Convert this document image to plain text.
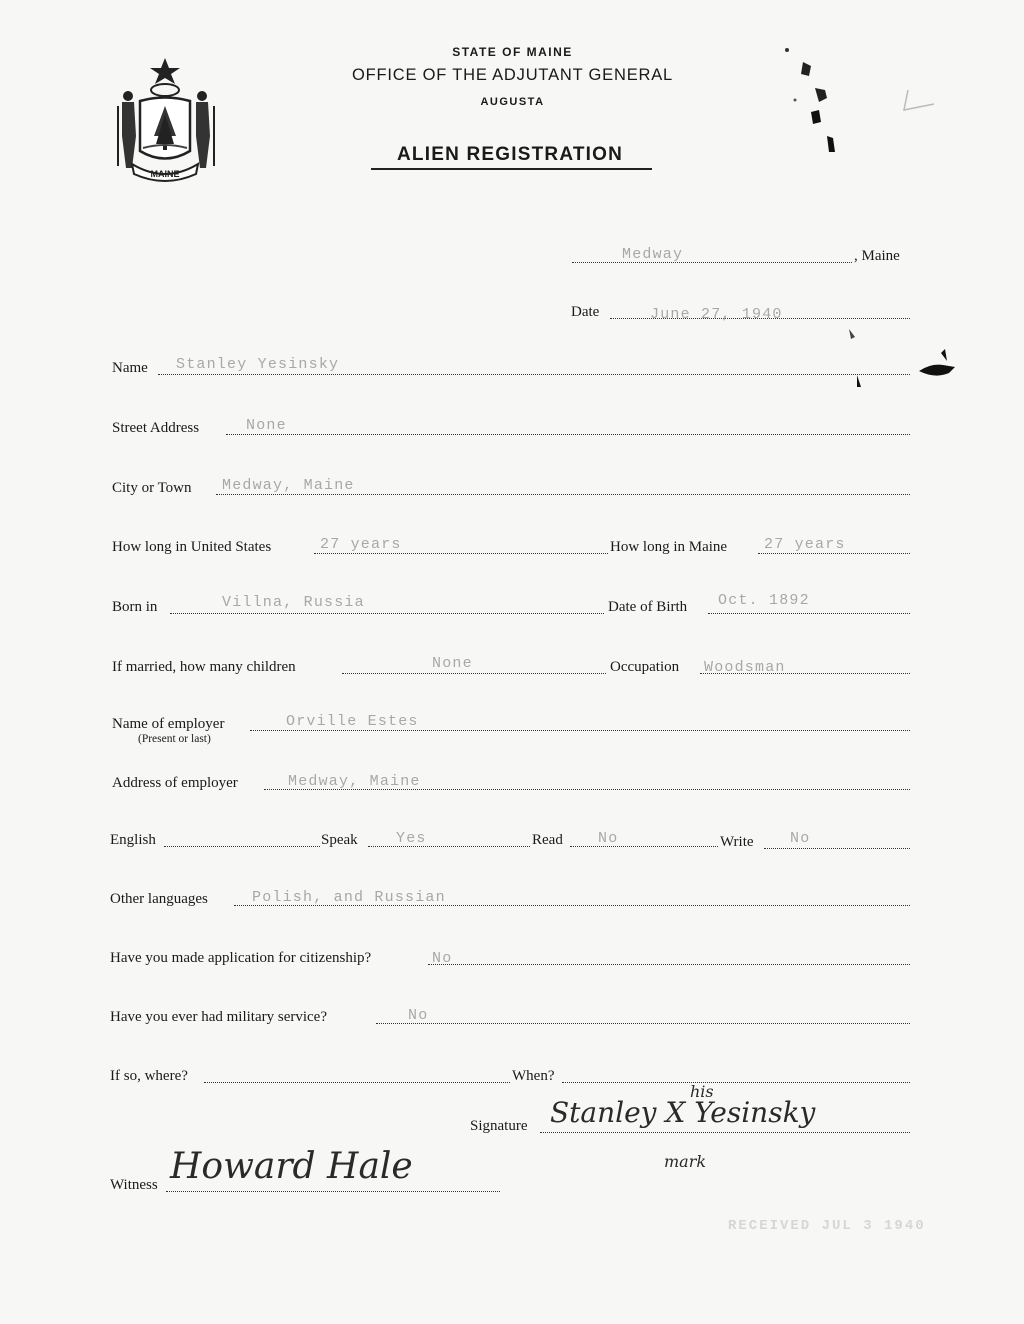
MAINE
STATE OF MAINE
OFFICE OF THE ADJUTANT GENERAL
AUGUSTA
ALIEN REGISTRATION
Medway	, Maine
Date	June 27, 1940
Name Stanley Yesinsky
Street Address	None
City or Town Medway, Maine
How long in United States	27 years	How long in Maine 27 years
Born in	Villna, Russia	Date of Birth Oct. 1892
If married, how many children	None	Occupation Woodsman
Name of employer
(Present or last)
Orville Estes
Address of employer	Medway, Maine
English	Speak	Yes	Read No	Write No
Other languages	Polish, and Russian
Have you made application for citizenship?	No
Have you ever had military service?	No
If so, where?	When?
Signature Stanley X Yesinsky
his
mark
Witness Howard Hale
RECEIVED JUL 3 1940
